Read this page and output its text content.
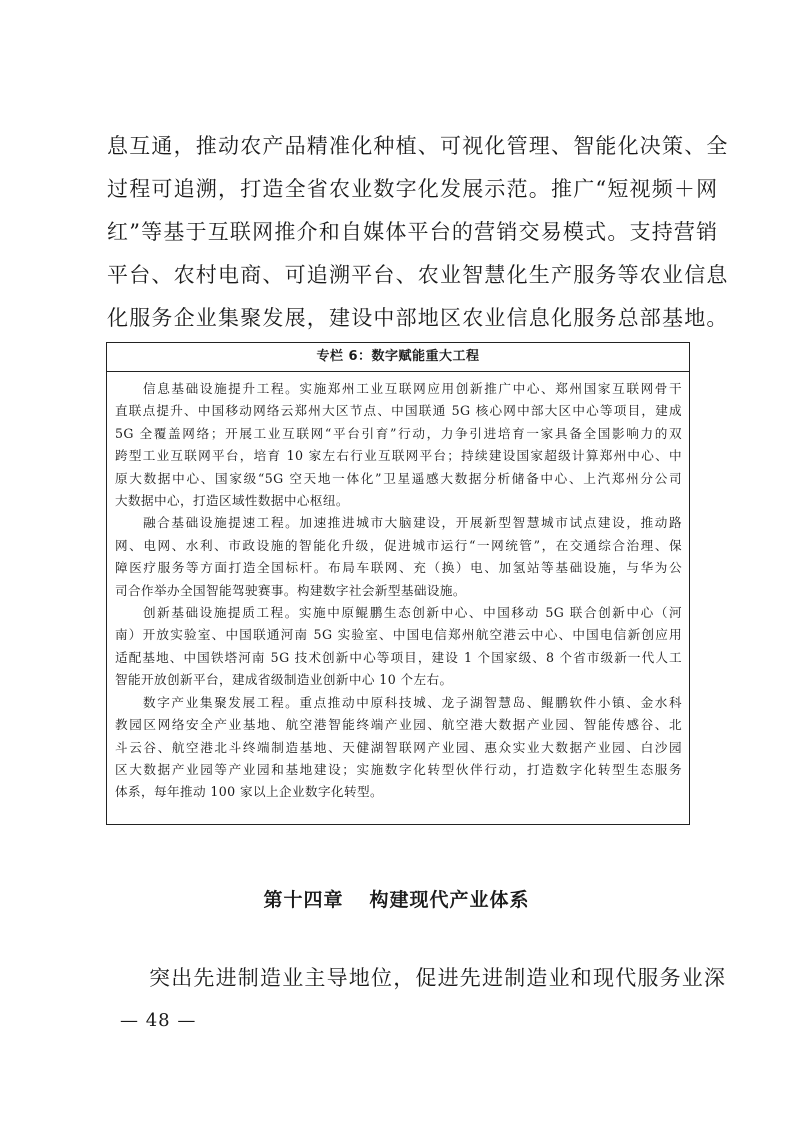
息互通，推动农产品精准化种植、可视化管理、智能化决策、全
过程可追溯，打造全省农业数字化发展示范。推广“短视频＋网
红”等基于互联网推介和自媒体平台的营销交易模式。支持营销
平台、农村电商、可追溯平台、农业智慧化生产服务等农业信息
化服务企业集聚发展，建设中部地区农业信息化服务总部基地。
专栏 6：数字赋能重大工程

信息基础设施提升工程。实施郑州工业互联网应用创新推广中心、郑州国家互联网骨干
直联点提升、中国移动网络云郑州大区节点、中国联通 5G 核心网中部大区中心等项目，建成
5G 全覆盖网络；开展工业互联网“平台引育”行动，力争引进培育一家具备全国影响力的双
跨型工业互联网平台，培育 10 家左右行业互联网平台；持续建设国家超级计算郑州中心、中
原大数据中心、国家级“5G 空天地一体化”卫星遥感大数据分析储备中心、上汽郑州分公司
大数据中心，打造区域性数据中心枢纽。

融合基础设施提速工程。加速推进城市大脑建设，开展新型智慧城市试点建设，推动路
网、电网、水利、市政设施的智能化升级，促进城市运行“一网统管”，在交通综合治理、保
障医疗服务等方面打造全国标杆。布局车联网、充（换）电、加氢站等基础设施，与华为公
司合作举办全国智能驾驶赛事。构建数字社会新型基础设施。

创新基础设施提质工程。实施中原鲲鹏生态创新中心、中国移动 5G 联合创新中心（河
南）开放实验室、中国联通河南 5G 实验室、中国电信郑州航空港云中心、中国电信新创应用
适配基地、中国铁塔河南 5G 技术创新中心等项目，建设 1 个国家级、8 个省市级新一代人工
智能开放创新平台，建成省级制造业创新中心 10 个左右。

数字产业集聚发展工程。重点推动中原科技城、龙子湖智慧岛、鲲鹏软件小镇、金水科
教园区网络安全产业基地、航空港智能终端产业园、航空港大数据产业园、智能传感谷、北
斗云谷、航空港北斗终端制造基地、天健湖智联网产业园、惠众实业大数据产业园、白沙园
区大数据产业园等产业园和基地建设；实施数字化转型伙伴行动，打造数字化转型生态服务
体系，每年推动 100 家以上企业数字化转型。

第十四章 构建现代产业体系
突出先进制造业主导地位，促进先进制造业和现代服务业深
— 48 —
